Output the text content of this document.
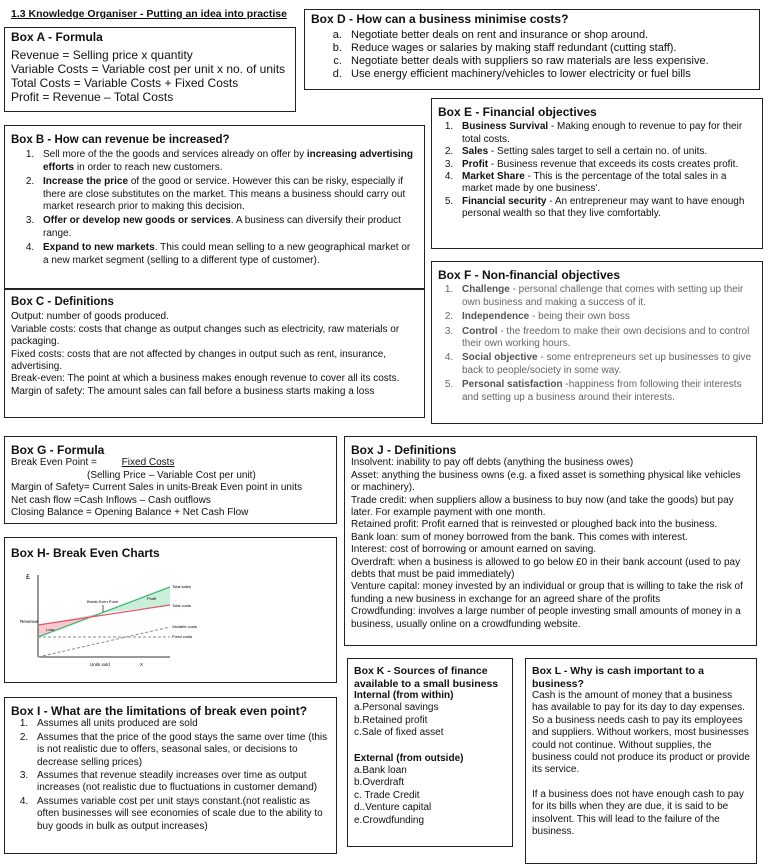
1.3 Knowledge Organiser - Putting an idea into practise
Box A - Formula
Revenue = Selling price x quantity
Variable Costs = Variable cost per unit x no. of units
Total Costs = Variable Costs + Fixed Costs
Profit = Revenue – Total Costs
Box D - How can a business minimise costs?
a. Negotiate better deals on rent and insurance or shop around.
b. Reduce wages or salaries by making staff redundant (cutting staff).
c. Negotiate better deals with suppliers so raw materials are less expensive.
d. Use energy efficient machinery/vehicles to lower electricity or fuel bills
Box B - How can revenue be increased?
1. Sell more of the the goods and services already on offer by increasing advertising efforts in order to reach new customers.
2. Increase the price of the good or service. However this can be risky, especially if there are close substitutes on the market. This means a business should carry out market research prior to making this decision.
3. Offer or develop new goods or services. A business can diversify their product range.
4. Expand to new markets. This could mean selling to a new geographical market or a new market segment (selling to a different type of customer).
Box C - Definitions

Output: number of goods produced.

Variable costs: costs that change as output changes such as electricity, raw materials or packaging.

Fixed costs: costs that are not affected by changes in output such as rent, insurance, advertising.

Break-even: The point at which a business makes enough revenue to cover all its costs.

Margin of safety: The amount sales can fall before a business starts making a loss

Box E - Financial objectives
1. Business Survival - Making enough to revenue to pay for their total costs.
2. Sales - Setting sales target to sell a certain no. of units.
3. Profit - Business revenue that exceeds its costs creates profit.
4. Market Share - This is the percentage of the total sales in a market made by one business'.
5. Financial security - An entrepreneur may want to have enough personal wealth so that they live comfortably.
Box F - Non-financial objectives
1. Challenge - personal challenge that comes with setting up their own business and making a success of it.
2. Independence - being their own boss
3. Control - the freedom to make their own decisions and to control their own working hours.
4. Social objective - some entrepreneurs set up businesses to give back to people/society in some way.
5. Personal satisfaction -happiness from following their interests and setting up a business around their interests.
Box G - Formula
Break Even Point = Fixed Costs
(Selling Price – Variable Cost per unit)
Margin of Safety= Current Sales in units-Break Even point in units
Net cash flow =Cash Inflows – Cash outflows
Closing Balance = Opening Balance + Net Cash Flow
Box H- Break Even Charts
£
Revenue
Units sold	X
Break Even Point
Profit
Loss
Total sales
Total costs
Variable costs
Fixed costs
Box I - What are the limitations of break even point?
1. Assumes all units produced are sold
2. Assumes that the price of the good stays the same over time (this is not realistic due to offers, seasonal sales, or decisions to decrease selling prices)
3. Assumes that revenue steadily increases over time as output increases (not realistic due to fluctuations in customer demand)
4. Assumes variable cost per unit stays constant.(not realistic as often businesses will see economies of scale due to the ability to buy goods in bulk as output increases)
Box J - Definitions

Insolvent: inability to pay off debts (anything the business owes)

Asset: anything the business owns (e.g. a fixed asset is something physical like vehicles or machinery).

Trade credit: when suppliers allow a business to buy now (and take the goods) but pay later. For example payment with one month.

Retained profit: Profit earned that is reinvested or ploughed back into the business.

Bank loan: sum of money borrowed from the bank. This comes with interest.

Interest: cost of borrowing or amount earned on saving.

Overdraft: when a business is allowed to go below £0 in their bank account (used to pay debts that must be paid immediately)

Venture capital: money invested by an individual or group that is willing to take the risk of funding a new business in exchange for an agreed share of the profits

Crowdfunding: involves a large number of people investing small amounts of money in a business, usually online on a crowdfunding website.

Box K - Sources of finance available to a small business
Internal (from within)
a.Personal savings
b.Retained profit
c.Sale of fixed asset
External (from outside)
a.Bank loan
b.Overdraft
c. Trade Credit
d..Venture capital
e.Crowdfunding
Box L - Why is cash important to a business?

Cash is the amount of money that a business has available to pay for its day to day expenses. So a business needs cash to pay its employees and suppliers. Without workers, most businesses could not continue. Without supplies, the business could not produce its product or provide its service.

If a business does not have enough cash to pay for its bills when they are due, it is said to be insolvent. This will lead to the failure of the business.
